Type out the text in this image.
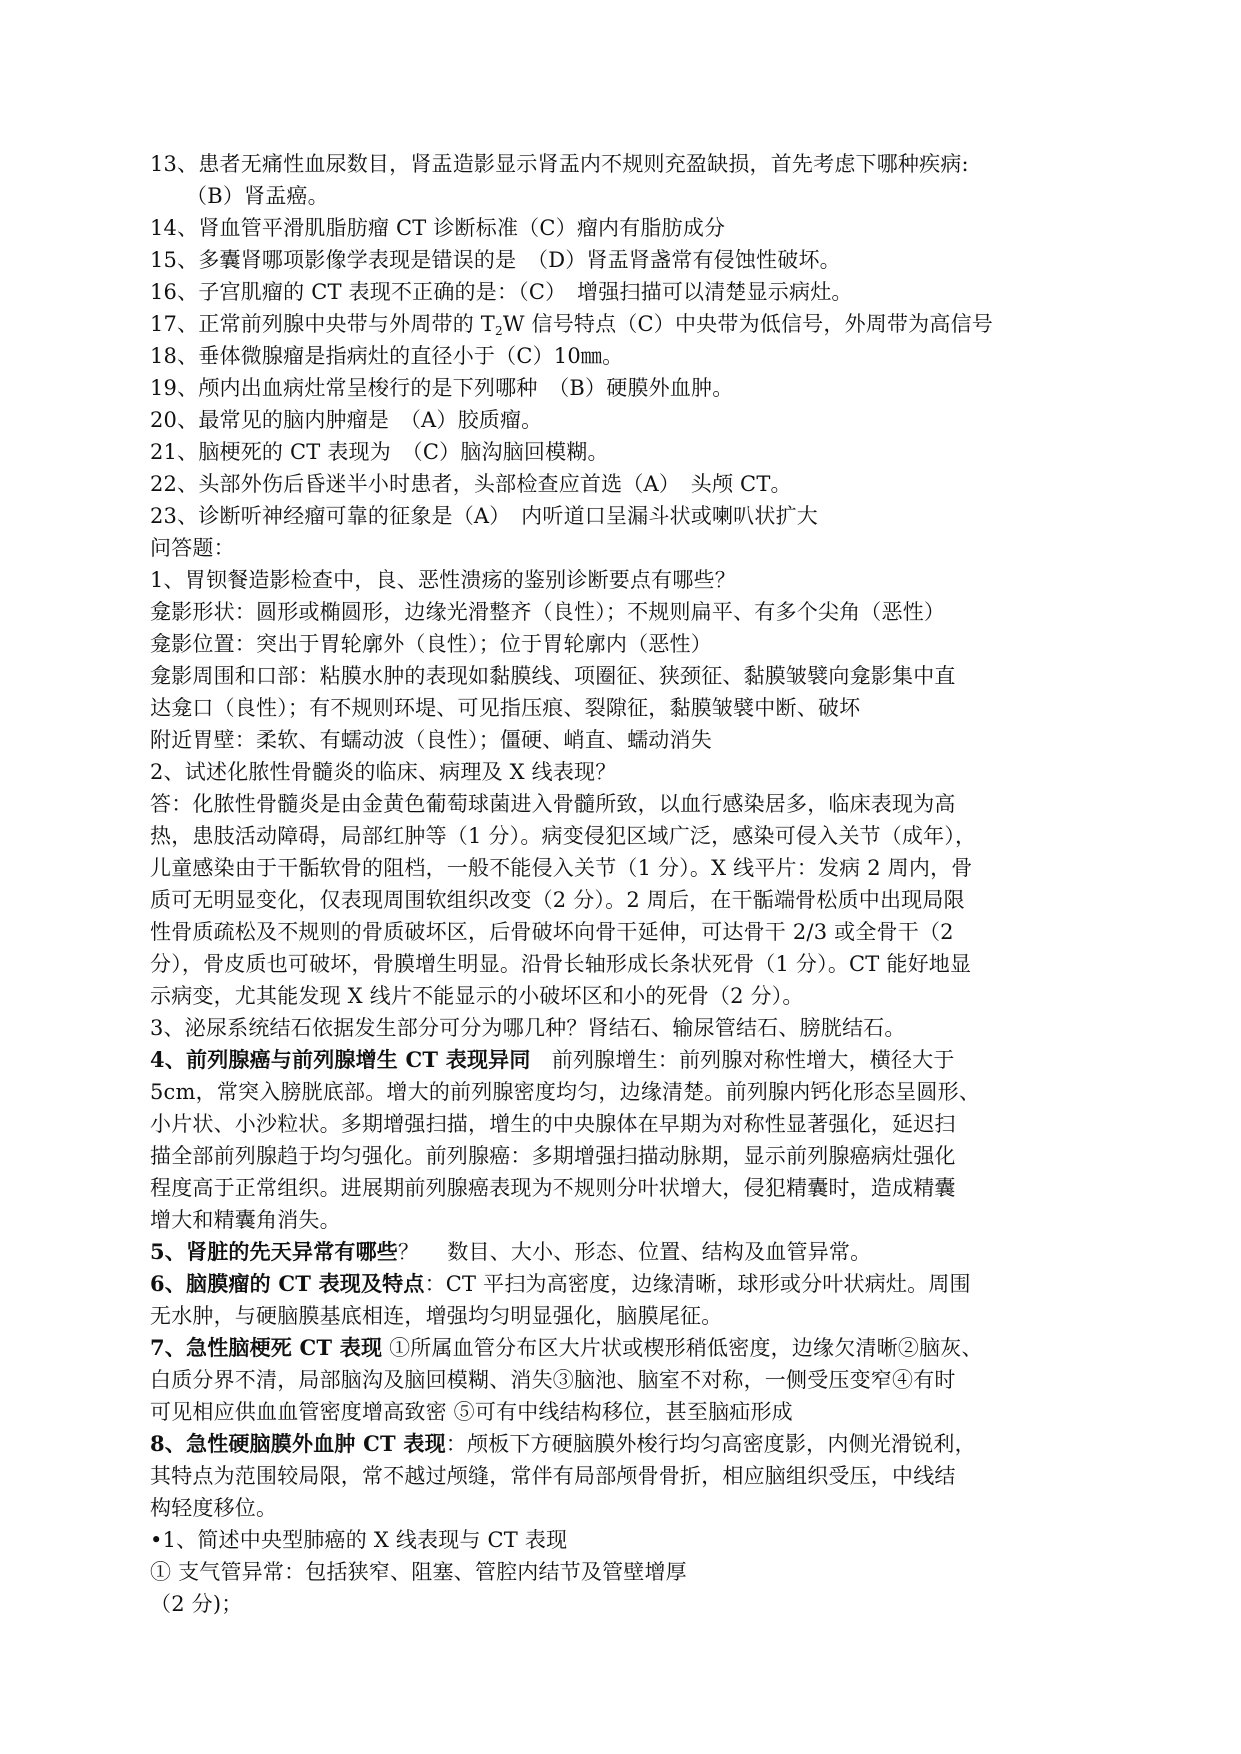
13、患者无痛性血尿数目，肾盂造影显示肾盂内不规则充盈缺损，首先考虑下哪种疾病:
（B）肾盂癌。
14、肾血管平滑肌脂肪瘤 CT 诊断标准（C）瘤内有脂肪成分
15、多囊肾哪项影像学表现是错误的是　（D）肾盂肾盏常有侵蚀性破坏。
16、子宫肌瘤的 CT 表现不正确的是：（C）　增强扫描可以清楚显示病灶。
17、正常前列腺中央带与外周带的 $T_2W$ 信号特点（C）中央带为低信号，外周带为高信号
18、垂体微腺瘤是指病灶的直径小于（C）10㎜。
19、颅内出血病灶常呈梭行的是下列哪种　（B）硬膜外血肿。
20、最常见的脑内肿瘤是　（A）胶质瘤。
21、脑梗死的 CT 表现为　（C）脑沟脑回模糊。
22、头部外伤后昏迷半小时患者，头部检查应首选（A）　头颅 CT。
23、诊断听神经瘤可靠的征象是（A）　内听道口呈漏斗状或喇叭状扩大
问答题：
1、胃钡餐造影检查中，良、恶性溃疡的鉴别诊断要点有哪些？
龛影形状：圆形或椭圆形，边缘光滑整齐（良性）；不规则扁平、有多个尖角（恶性）
龛影位置：突出于胃轮廓外（良性）；位于胃轮廓内（恶性）
龛影周围和口部：粘膜水肿的表现如黏膜线、项圈征、狭颈征、黏膜皱襞向龛影集中直
达龛口（良性）；有不规则环堤、可见指压痕、裂隙征，黏膜皱襞中断、破坏
附近胃壁：柔软、有蠕动波（良性）；僵硬、峭直、蠕动消失
2、试述化脓性骨髓炎的临床、病理及 X 线表现？
答：化脓性骨髓炎是由金黄色葡萄球菌进入骨髓所致，以血行感染居多，临床表现为高
热，患肢活动障碍，局部红肿等（1 分）。病变侵犯区域广泛，感染可侵入关节（成年），
儿童感染由于干骺软骨的阻档，一般不能侵入关节（1 分）。X 线平片：发病 2 周内，骨
质可无明显变化，仅表现周围软组织改变（2 分）。2 周后，在干骺端骨松质中出现局限
性骨质疏松及不规则的骨质破坏区，后骨破坏向骨干延伸，可达骨干 2/3 或全骨干（2
分），骨皮质也可破坏，骨膜增生明显。沿骨长轴形成长条状死骨（1 分）。CT 能好地显
示病变，尤其能发现 X 线片不能显示的小破坏区和小的死骨（2 分）。
3、泌尿系统结石依据发生部分可分为哪几种？肾结石、输尿管结石、膀胱结石。
4、前列腺癌与前列腺增生 CT 表现异同　前列腺增生：前列腺对称性增大，横径大于
5cm，常突入膀胱底部。增大的前列腺密度均匀，边缘清楚。前列腺内钙化形态呈圆形、
小片状、小沙粒状。多期增强扫描，增生的中央腺体在早期为对称性显著强化，延迟扫
描全部前列腺趋于均匀强化。前列腺癌：多期增强扫描动脉期，显示前列腺癌病灶强化
程度高于正常组织。进展期前列腺癌表现为不规则分叶状增大，侵犯精囊时，造成精囊
增大和精囊角消失。
5、肾脏的先天异常有哪些？　 数目、大小、形态、位置、结构及血管异常。
6、脑膜瘤的 CT 表现及特点：CT 平扫为高密度，边缘清晰，球形或分叶状病灶。周围
无水肿，与硬脑膜基底相连，增强均匀明显强化，脑膜尾征。
7、急性脑梗死 CT 表现 ①所属血管分布区大片状或楔形稍低密度，边缘欠清晰②脑灰、
白质分界不清，局部脑沟及脑回模糊、消失③脑池、脑室不对称，一侧受压变窄④有时
可见相应供血血管密度增高致密 ⑤可有中线结构移位，甚至脑疝形成
8、急性硬脑膜外血肿 CT 表现：颅板下方硬脑膜外梭行均匀高密度影，内侧光滑锐利，
其特点为范围较局限，常不越过颅缝，常伴有局部颅骨骨折，相应脑组织受压，中线结
构轻度移位。
•1、简述中央型肺癌的 X 线表现与 CT 表现
① 支气管异常：包括狭窄、阻塞、管腔内结节及管壁增厚
（2 分)；
